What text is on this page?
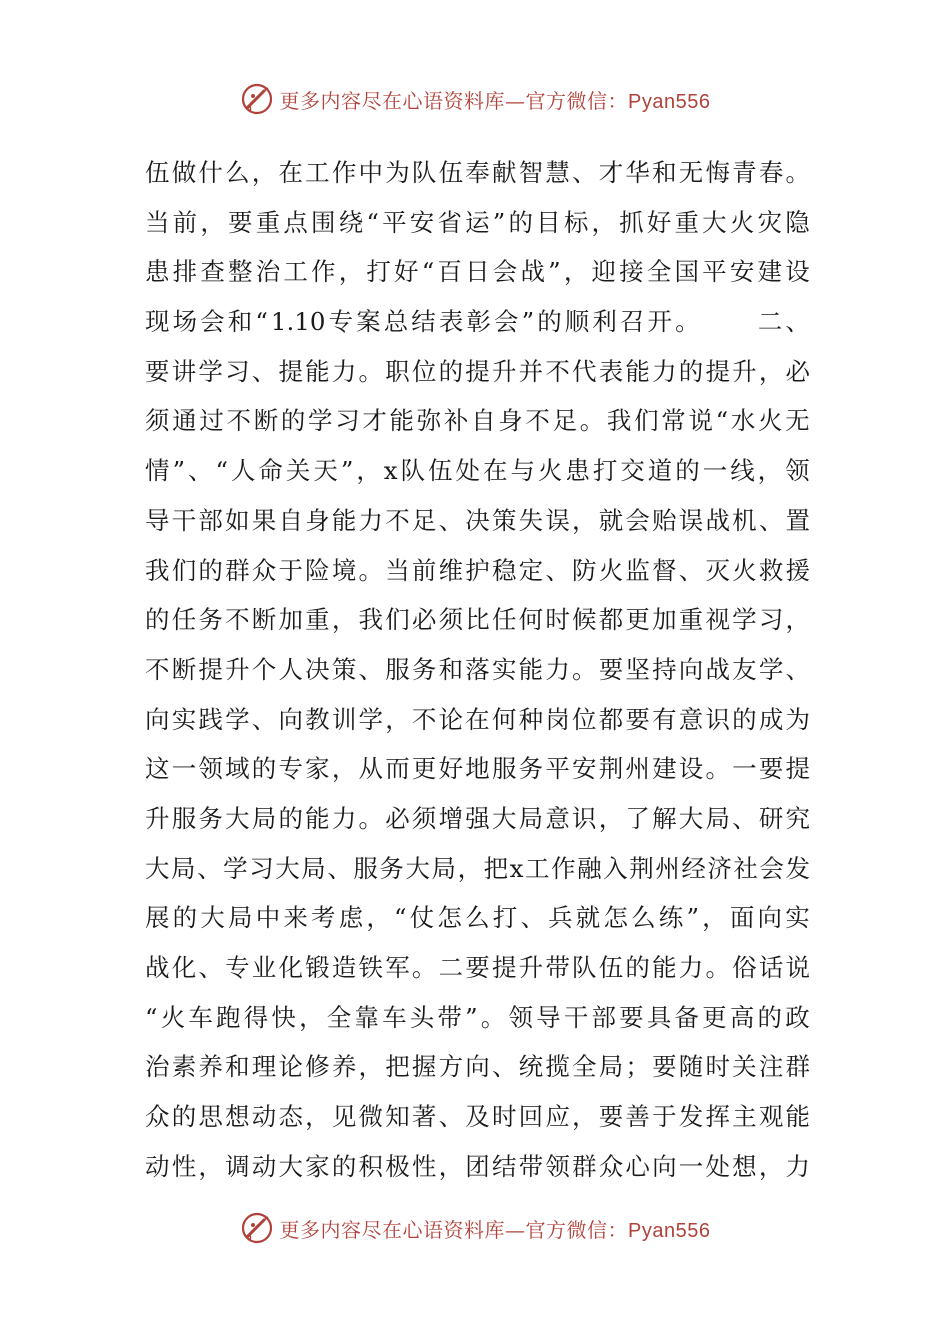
更多内容尽在心语资料库—官方微信：Pyan556
伍 做 什 么 ， 在 工 作 中 为 队 伍 奉 献 智 慧 、 才 华 和 无 悔 青 春 。
当 前 ， 要 重 点 围 绕 “ 平 安 省 运 ” 的 目 标 ， 抓 好 重 大 火 灾 隐
患 排 查 整 治 工 作 ， 打 好 “ 百 日 会 战 ” ， 迎 接 全 国 平 安 建 设
现 场 会 和 “ 1.10 专 案 总 结 表 彰 会 ” 的 顺 利 召 开 。

　 二 、
要 讲 学 习 、 提 能 力 。 职 位 的 提 升 并 不 代 表 能 力 的 提 升 ， 必
须 通 过 不 断 的 学 习 才 能 弥 补 自 身 不 足 。 我 们 常 说 “ 水 火 无
情 ” 、 “ 人 命 关 天 ” ， x 队 伍 处 在 与 火 患 打 交 道 的 一 线 ， 领
导 干 部 如 果 自 身 能 力 不 足 、 决 策 失 误 ， 就 会 贻 误 战 机 、 置
我 们 的 群 众 于 险 境 。 当 前 维 护 稳 定 、 防 火 监 督 、 灭 火 救 援
的 任 务 不 断 加 重 ， 我 们 必 须 比 任 何 时 候 都 更 加 重 视 学 习 ，
不 断 提 升 个 人 决 策 、 服 务 和 落 实 能 力 。 要 坚 持 向 战 友 学 、
向 实 践 学 、 向 教 训 学 ， 不 论 在 何 种 岗 位 都 要 有 意 识 的 成 为
这 一 领 域 的 专 家 ， 从 而 更 好 地 服 务 平 安 荆 州 建 设 。 一 要 提
升 服 务 大 局 的 能 力 。 必 须 增 强 大 局 意 识 ， 了 解 大 局 、 研 究
大 局 、 学 习 大 局 、 服 务 大 局 ， 把 x 工 作 融 入 荆 州 经 济 社 会 发
展 的 大 局 中 来 考 虑 ， “ 仗 怎 么 打 、 兵 就 怎 么 练 ” ， 面 向 实
战 化 、 专 业 化 锻 造 铁 军 。 二 要 提 升 带 队 伍 的 能 力 。 俗 话 说
“ 火 车 跑 得 快 ， 全 靠 车 头 带 ” 。 领 导 干 部 要 具 备 更 高 的 政
治 素 养 和 理 论 修 养 ， 把 握 方 向 、 统 揽 全 局 ； 要 随 时 关 注 群
众 的 思 想 动 态 ， 见 微 知 著 、 及 时 回 应 ， 要 善 于 发 挥 主 观 能
动 性 ， 调 动 大 家 的 积 极 性 ， 团 结 带 领 群 众 心 向 一 处 想 ， 力
更多内容尽在心语资料库—官方微信：Pyan556
